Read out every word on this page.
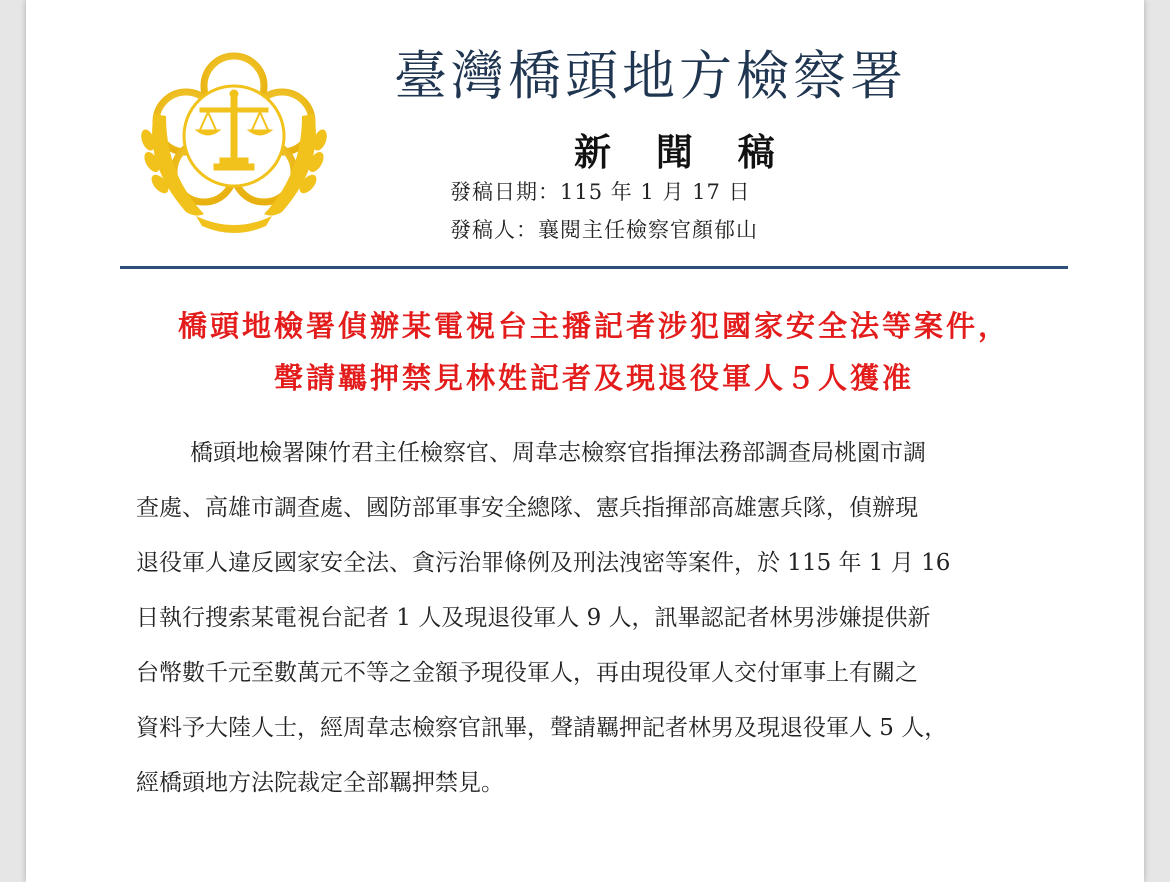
臺灣橋頭地方檢察署
新 聞 稿
發稿日期：115 年 1 月 17 日
發稿人：襄閱主任檢察官顏郁山
橋頭地檢署偵辦某電視台主播記者涉犯國家安全法等案件，
聲請羈押禁見林姓記者及現退役軍人５人獲准
橋頭地檢署陳竹君主任檢察官、周韋志檢察官指揮法務部調查局桃園市調
查處、高雄市調查處、國防部軍事安全總隊、憲兵指揮部高雄憲兵隊，偵辦現
退役軍人違反國家安全法、貪污治罪條例及刑法洩密等案件，於 115 年 1 月 16
日執行搜索某電視台記者 1 人及現退役軍人 9 人，訊畢認記者林男涉嫌提供新
台幣數千元至數萬元不等之金額予現役軍人，再由現役軍人交付軍事上有關之
資料予大陸人士，經周韋志檢察官訊畢，聲請羈押記者林男及現退役軍人 5 人，
經橋頭地方法院裁定全部羈押禁見。
